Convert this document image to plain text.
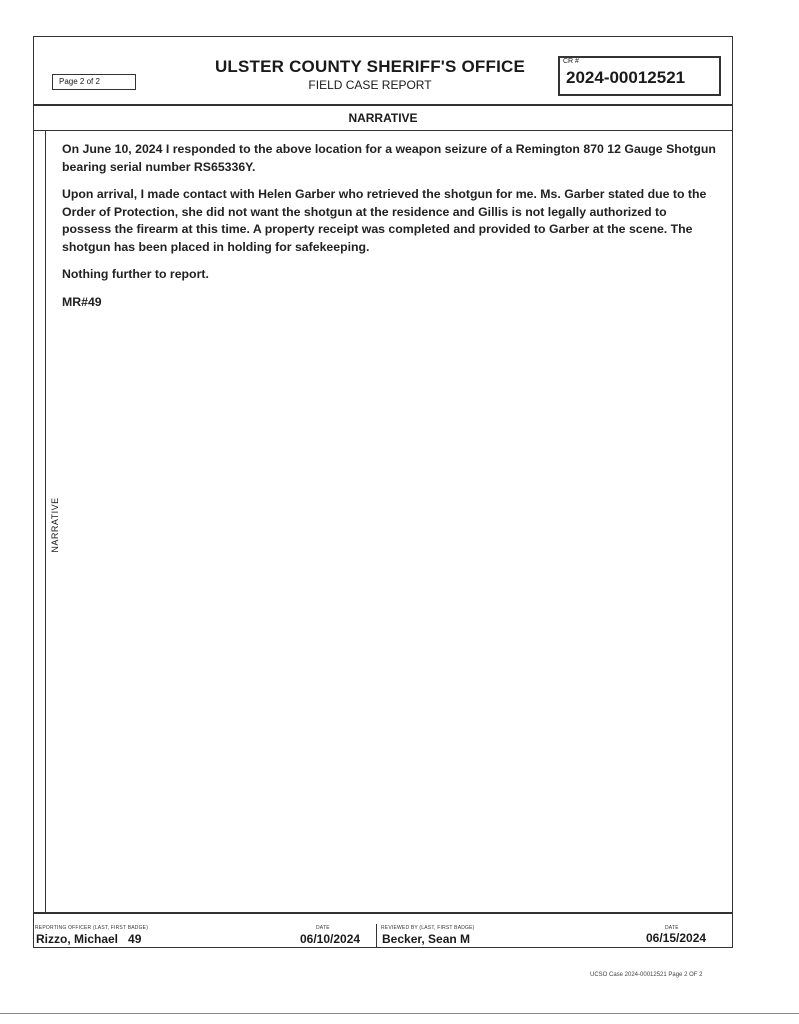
Page 2 of 2
ULSTER COUNTY SHERIFF'S OFFICE
FIELD CASE REPORT
CR #
2024-00012521
NARRATIVE
NARRATIVE

On June 10, 2024 I responded to the above location for a weapon seizure of a Remington 870 12 Gauge Shotgun bearing serial number RS65336Y.

Upon arrival, I made contact with Helen Garber who retrieved the shotgun for me. Ms. Garber stated due to the Order of Protection, she did not want the shotgun at the residence and Gillis is not legally authorized to possess the firearm at this time. A property receipt was completed and provided to Garber at the scene. The shotgun has been placed in holding for safekeeping.

Nothing further to report.

MR#49

REPORTING OFFICER (LAST, FIRST BADGE)
Rizzo, Michael   49
DATE
06/10/2024
REVIEWED BY (LAST, FIRST BADGE)
Becker, Sean M
DATE
06/15/2024
UCSO Case 2024-00012521 Page 2 OF 2
